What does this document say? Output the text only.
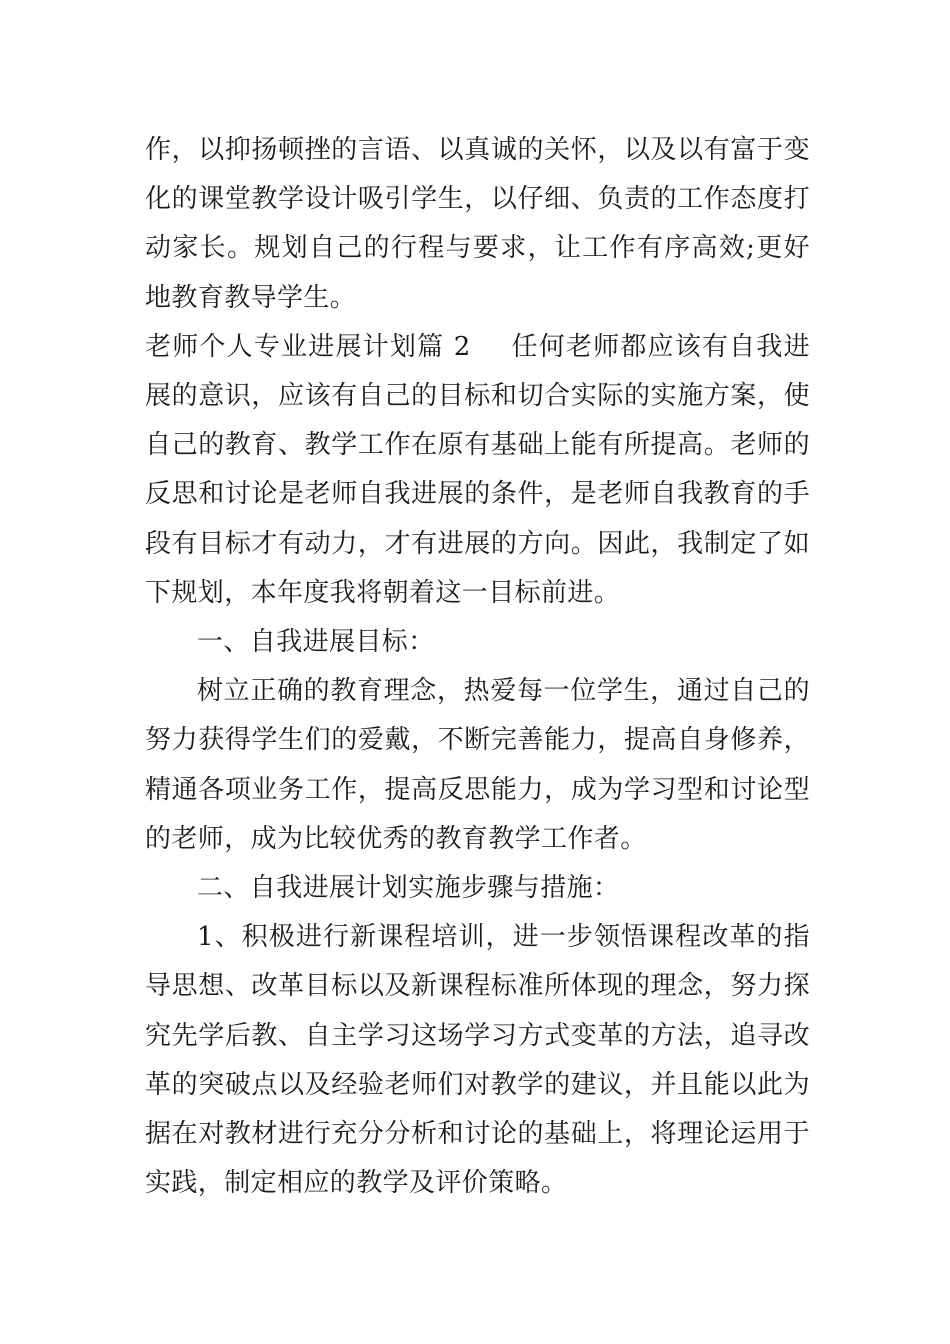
作，以抑扬顿挫的言语、以真诚的关怀，以及以有富于变化的课堂教学设计吸引学生，以仔细、负责的工作态度打动家长。规划自己的行程与要求，让工作有序高效;更好地教育教导学生。

老师个人专业进展计划篇 2 任何老师都应该有自我进展的意识，应该有自己的目标和切合实际的实施方案，使自己的教育、教学工作在原有基础上能有所提高。老师的反思和讨论是老师自我进展的条件，是老师自我教育的手段有目标才有动力，才有进展的方向。因此，我制定了如下规划，本年度我将朝着这一目标前进。

一、自我进展目标：

树立正确的教育理念，热爱每一位学生，通过自己的努力获得学生们的爱戴，不断完善能力，提高自身修养，精通各项业务工作，提高反思能力，成为学习型和讨论型的老师，成为比较优秀的教育教学工作者。

二、自我进展计划实施步骤与措施：

1、积极进行新课程培训，进一步领悟课程改革的指导思想、改革目标以及新课程标准所体现的理念，努力探究先学后教、自主学习这场学习方式变革的方法，追寻改革的突破点以及经验老师们对教学的建议，并且能以此为据在对教材进行充分分析和讨论的基础上，将理论运用于实践，制定相应的教学及评价策略。
